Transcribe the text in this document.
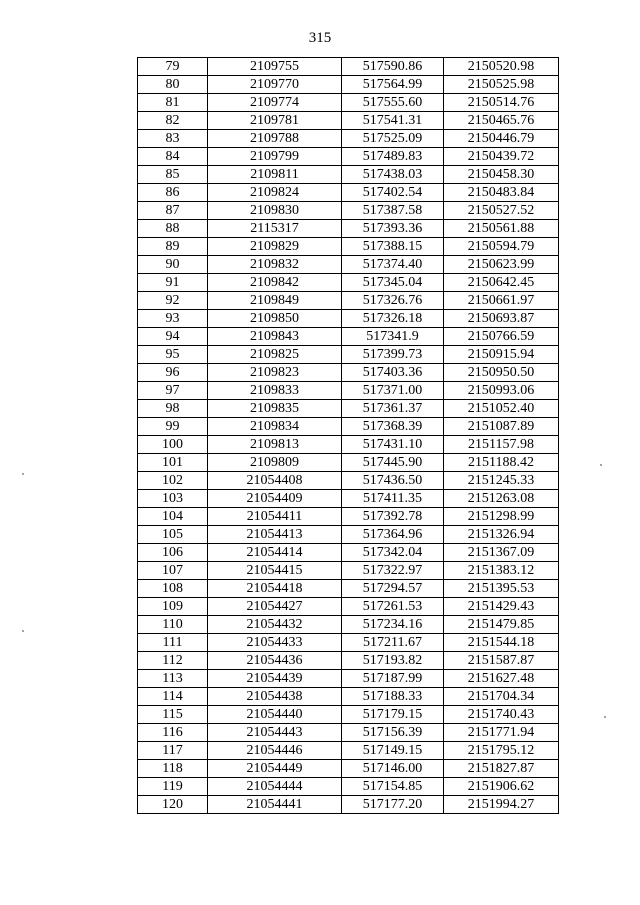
315
79	2109755	517590.86	2150520.98
80	2109770	517564.99	2150525.98
81	2109774	517555.60	2150514.76
82	2109781	517541.31	2150465.76
83	2109788	517525.09	2150446.79
84	2109799	517489.83	2150439.72
85	2109811	517438.03	2150458.30
86	2109824	517402.54	2150483.84
87	2109830	517387.58	2150527.52
88	2115317	517393.36	2150561.88
89	2109829	517388.15	2150594.79
90	2109832	517374.40	2150623.99
91	2109842	517345.04	2150642.45
92	2109849	517326.76	2150661.97
93	2109850	517326.18	2150693.87
94	2109843	517341.9	2150766.59
95	2109825	517399.73	2150915.94
96	2109823	517403.36	2150950.50
97	2109833	517371.00	2150993.06
98	2109835	517361.37	2151052.40
99	2109834	517368.39	2151087.89
100	2109813	517431.10	2151157.98
101	2109809	517445.90	2151188.42
102	21054408	517436.50	2151245.33
103	21054409	517411.35	2151263.08
104	21054411	517392.78	2151298.99
105	21054413	517364.96	2151326.94
106	21054414	517342.04	2151367.09
107	21054415	517322.97	2151383.12
108	21054418	517294.57	2151395.53
109	21054427	517261.53	2151429.43
110	21054432	517234.16	2151479.85
111	21054433	517211.67	2151544.18
112	21054436	517193.82	2151587.87
113	21054439	517187.99	2151627.48
114	21054438	517188.33	2151704.34
115	21054440	517179.15	2151740.43
116	21054443	517156.39	2151771.94
117	21054446	517149.15	2151795.12
118	21054449	517146.00	2151827.87
119	21054444	517154.85	2151906.62
120	21054441	517177.20	2151994.27
